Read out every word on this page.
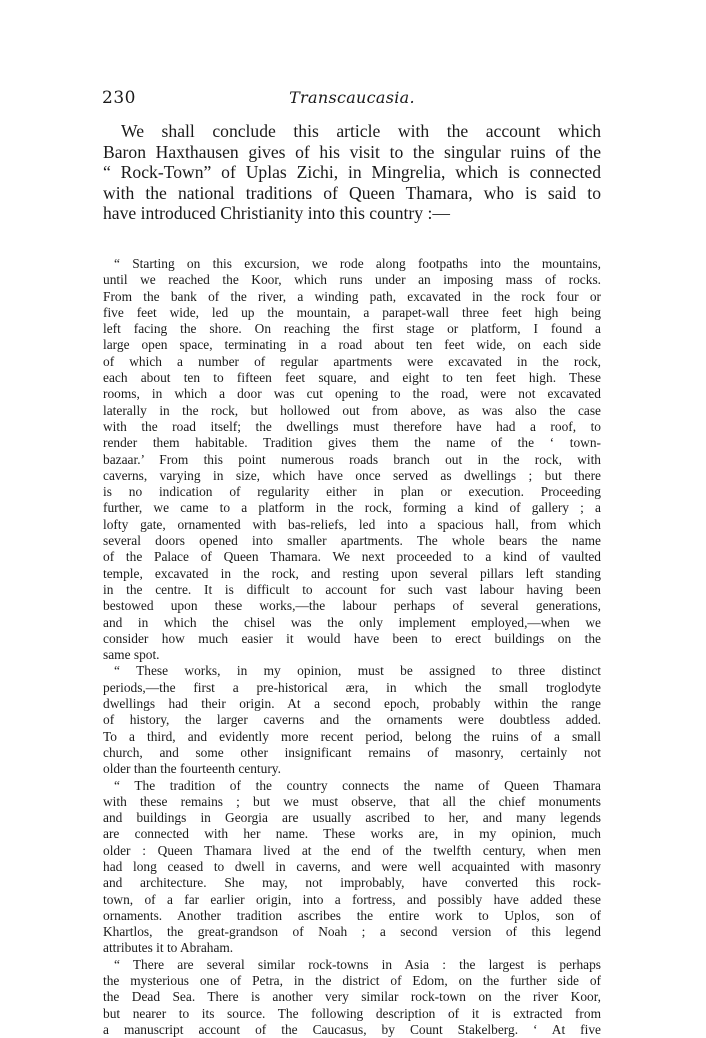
230	Transcaucasia.
We shall conclude this article with the account which
Baron Haxthausen gives of his visit to the singular ruins of the
“ Rock-Town” of Uplas Zichi, in Mingrelia, which is connected
with the national traditions of Queen Thamara, who is said to
have introduced Christianity into this country :—
“ Starting on this excursion, we rode along footpaths into the mountains,
until we reached the Koor, which runs under an imposing mass of rocks.
From the bank of the river, a winding path, excavated in the rock four or
five feet wide, led up the mountain, a parapet-wall three feet high being
left facing the shore. On reaching the first stage or platform, I found a
large open space, terminating in a road about ten feet wide, on each side
of which a number of regular apartments were excavated in the rock,
each about ten to fifteen feet square, and eight to ten feet high. These
rooms, in which a door was cut opening to the road, were not excavated
laterally in the rock, but hollowed out from above, as was also the case
with the road itself; the dwellings must therefore have had a roof, to
render them habitable. Tradition gives them the name of the ‘ town-
bazaar.’ From this point numerous roads branch out in the rock, with
caverns, varying in size, which have once served as dwellings ; but there
is no indication of regularity either in plan or execution. Proceeding
further, we came to a platform in the rock, forming a kind of gallery ; a
lofty gate, ornamented with bas-reliefs, led into a spacious hall, from which
several doors opened into smaller apartments. The whole bears the name
of the Palace of Queen Thamara. We next proceeded to a kind of vaulted
temple, excavated in the rock, and resting upon several pillars left standing
in the centre. It is difficult to account for such vast labour having been
bestowed upon these works,—the labour perhaps of several generations,
and in which the chisel was the only implement employed,—when we
consider how much easier it would have been to erect buildings on the
same spot.
“ These works, in my opinion, must be assigned to three distinct
periods,—the first a pre-historical æra, in which the small troglodyte
dwellings had their origin. At a second epoch, probably within the range
of history, the larger caverns and the ornaments were doubtless added.
To a third, and evidently more recent period, belong the ruins of a small
church, and some other insignificant remains of masonry, certainly not
older than the fourteenth century.
“ The tradition of the country connects the name of Queen Thamara
with these remains ; but we must observe, that all the chief monuments
and buildings in Georgia are usually ascribed to her, and many legends
are connected with her name. These works are, in my opinion, much
older : Queen Thamara lived at the end of the twelfth century, when men
had long ceased to dwell in caverns, and were well acquainted with masonry
and architecture. She may, not improbably, have converted this rock-
town, of a far earlier origin, into a fortress, and possibly have added these
ornaments. Another tradition ascribes the entire work to Uplos, son of
Khartlos, the great-grandson of Noah ; a second version of this legend
attributes it to Abraham.
“ There are several similar rock-towns in Asia : the largest is perhaps
the mysterious one of Petra, in the district of Edom, on the further side of
the Dead Sea. There is another very similar rock-town on the river Koor,
but nearer to its source. The following description of it is extracted from
a manuscript account of the Caucasus, by Count Stakelberg. ‘ At five
